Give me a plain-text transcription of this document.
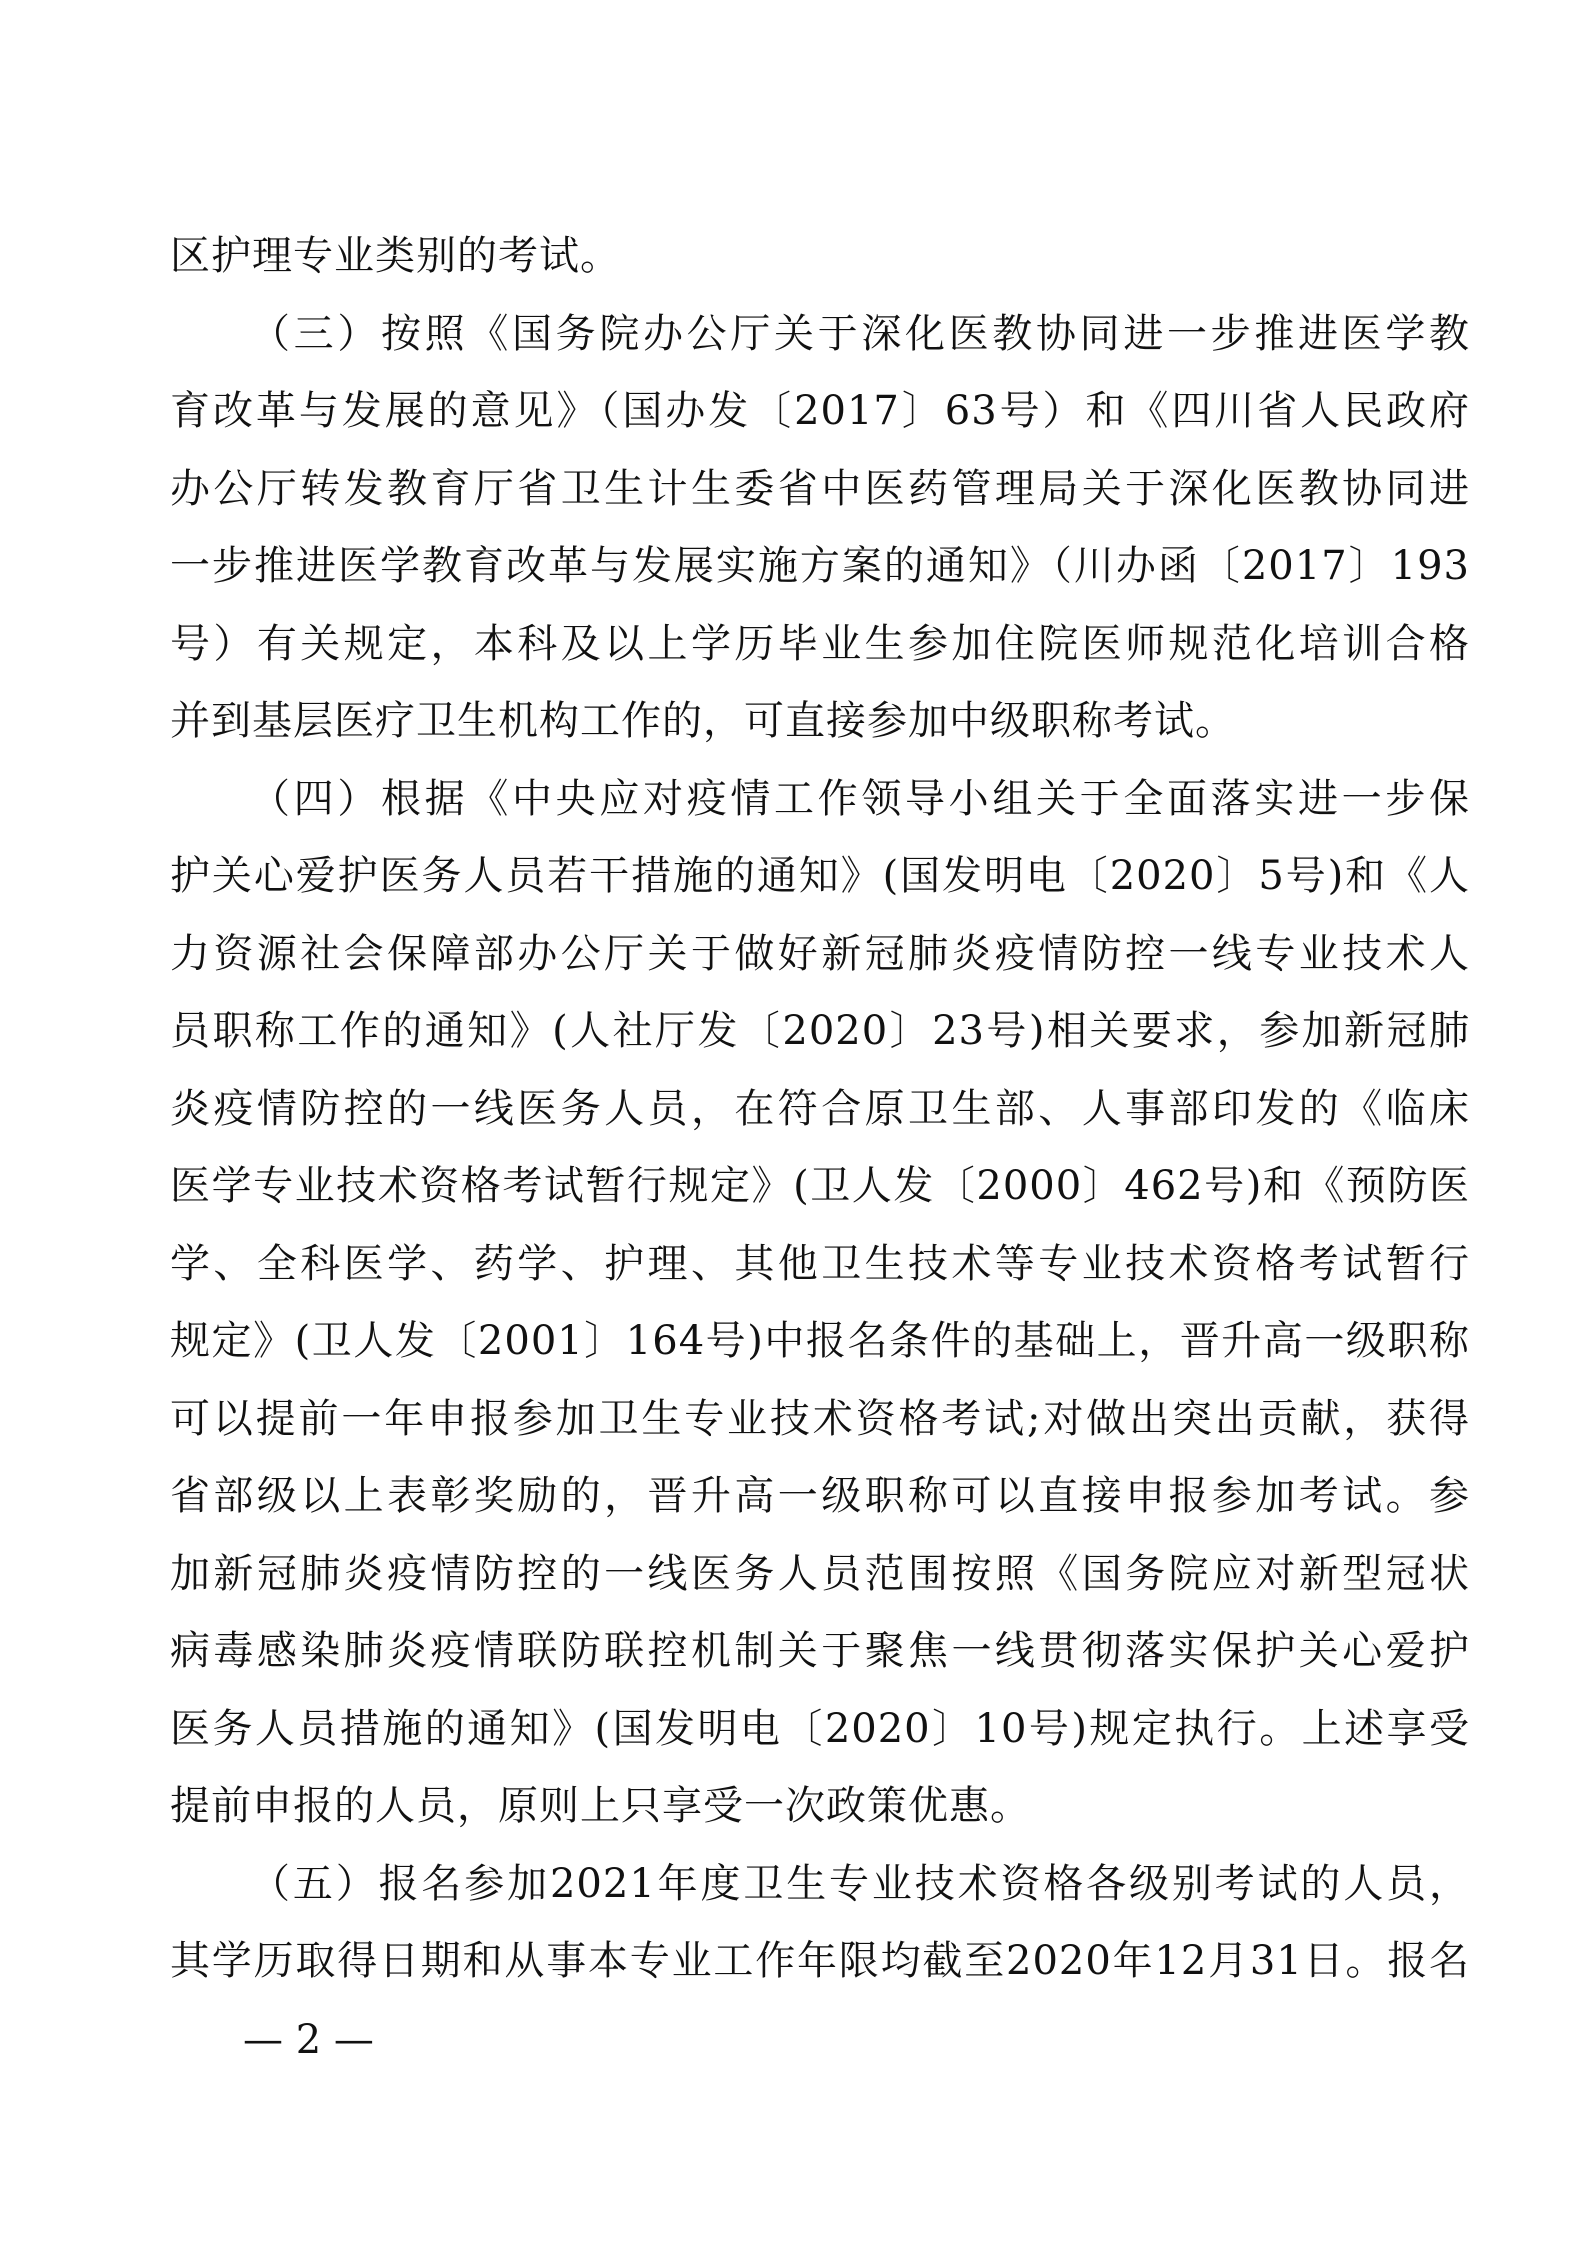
区护理专业类别的考试。
（三）按照《国务院办公厅关于深化医教协同进一步推进医学教
育改革与发展的意见》（国办发〔2017〕63号）和《四川省人民政府
办公厅转发教育厅省卫生计生委省中医药管理局关于深化医教协同进
一步推进医学教育改革与发展实施方案的通知》（川办函〔2017〕193
号）有关规定，本科及以上学历毕业生参加住院医师规范化培训合格
并到基层医疗卫生机构工作的，可直接参加中级职称考试。
（四）根据《中央应对疫情工作领导小组关于全面落实进一步保
护关心爱护医务人员若干措施的通知》(国发明电〔2020〕5号)和《人
力资源社会保障部办公厅关于做好新冠肺炎疫情防控一线专业技术人
员职称工作的通知》(人社厅发〔2020〕23号)相关要求，参加新冠肺
炎疫情防控的一线医务人员，在符合原卫生部、人事部印发的《临床
医学专业技术资格考试暂行规定》(卫人发〔2000〕462号)和《预防医
学、全科医学、药学、护理、其他卫生技术等专业技术资格考试暂行
规定》(卫人发〔2001〕164号)中报名条件的基础上，晋升高一级职称
可以提前一年申报参加卫生专业技术资格考试;对做出突出贡献，获得
省部级以上表彰奖励的，晋升高一级职称可以直接申报参加考试。参
加新冠肺炎疫情防控的一线医务人员范围按照《国务院应对新型冠状
病毒感染肺炎疫情联防联控机制关于聚焦一线贯彻落实保护关心爱护
医务人员措施的通知》(国发明电〔2020〕10号)规定执行。上述享受
提前申报的人员，原则上只享受一次政策优惠。
（五）报名参加2021年度卫生专业技术资格各级别考试的人员，
其学历取得日期和从事本专业工作年限均截至2020年12月31日。报名
— 2 —
